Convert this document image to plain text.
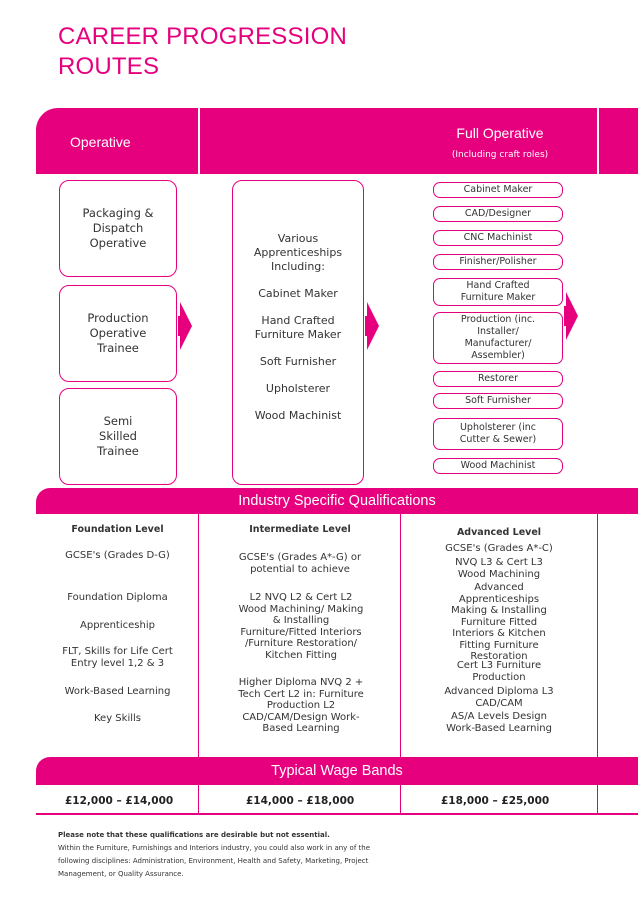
CAREER PROGRESSION
ROUTES
Operative
Full Operative
(Including craft roles)
Packaging & Dispatch Operative
Production Operative Trainee
Semi Skilled Trainee
Various Apprenticeships Including:
Cabinet Maker
Hand Crafted Furniture Maker
Soft Furnisher
Upholsterer
Wood Machinist
Cabinet Maker
CAD/Designer
CNC Machinist
Finisher/Polisher
Hand Crafted Furniture Maker
Production (inc. Installer/ Manufacturer/ Assembler)
Restorer
Soft Furnisher
Upholsterer (inc Cutter & Sewer)
Wood Machinist
Industry Specific Qualifications
Foundation Level
GCSE's (Grades D-G)
Foundation Diploma
Apprenticeship
FLT, Skills for Life Cert Entry level 1,2 & 3
Work-Based Learning
Key Skills
Intermediate Level
GCSE's (Grades A*-G) or potential to achieve
L2 NVQ L2 & Cert L2 Wood Machining/ Making & Installing Furniture/Fitted Interiors /Furniture Restoration/ Kitchen Fitting
Higher Diploma NVQ 2 + Tech Cert L2 in: Furniture Production L2 CAD/CAM/Design Work-Based Learning
Advanced Level
GCSE's (Grades A*-C)
NVQ L3 & Cert L3 Wood Machining
Advanced Apprenticeships Making & Installing Furniture Fitted Interiors & Kitchen Fitting Furniture Restoration
Cert L3 Furniture Production
Advanced Diploma L3 CAD/CAM
AS/A Levels Design Work-Based Learning
Typical Wage Bands
£12,000 – £14,000	£14,000 – £18,000	£18,000 – £25,000
Please note that these qualifications are desirable but not essential.
Within the Furniture, Furnishings and Interiors industry, you could also work in any of the following disciplines: Administration, Environment, Health and Safety, Marketing, Project Management, or Quality Assurance.
